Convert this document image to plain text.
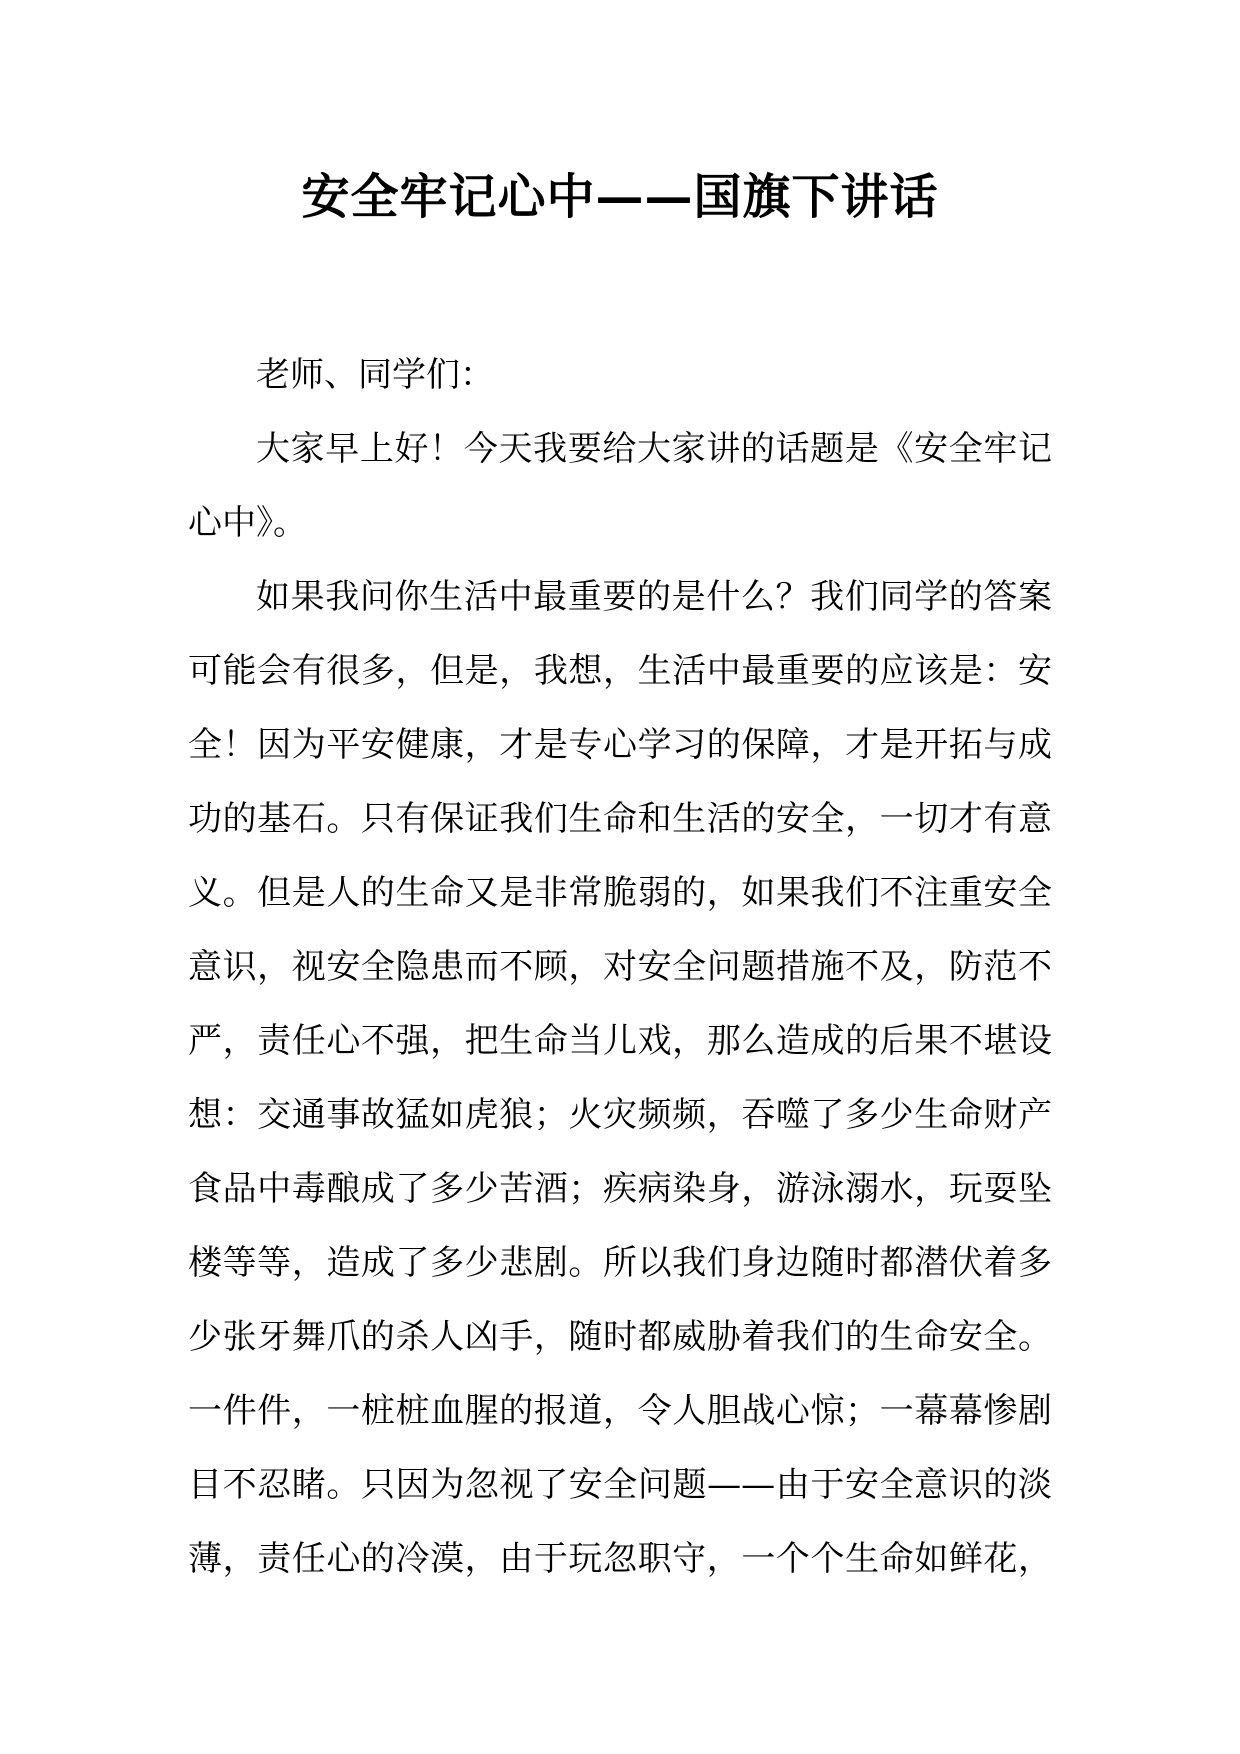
安全牢记心中——国旗下讲话
老师、同学们：
大家早上好！今天我要给大家讲的话题是《安全牢记
心中》。
如果我问你生活中最重要的是什么？我们同学的答案
可能会有很多，但是，我想，生活中最重要的应该是：安
全！因为平安健康，才是专心学习的保障，才是开拓与成
功的基石。只有保证我们生命和生活的安全，一切才有意
义。但是人的生命又是非常脆弱的，如果我们不注重安全
意识，视安全隐患而不顾，对安全问题措施不及，防范不
严，责任心不强，把生命当儿戏，那么造成的后果不堪设
想：交通事故猛如虎狼；火灾频频，吞噬了多少生命财产
食品中毒酿成了多少苦酒；疾病染身，游泳溺水，玩耍坠
楼等等，造成了多少悲剧。所以我们身边随时都潜伏着多
少张牙舞爪的杀人凶手，随时都威胁着我们的生命安全。
一件件，一桩桩血腥的报道，令人胆战心惊；一幕幕惨剧
目不忍睹。只因为忽视了安全问题——由于安全意识的淡
薄，责任心的冷漠，由于玩忽职守，一个个生命如鲜花，
